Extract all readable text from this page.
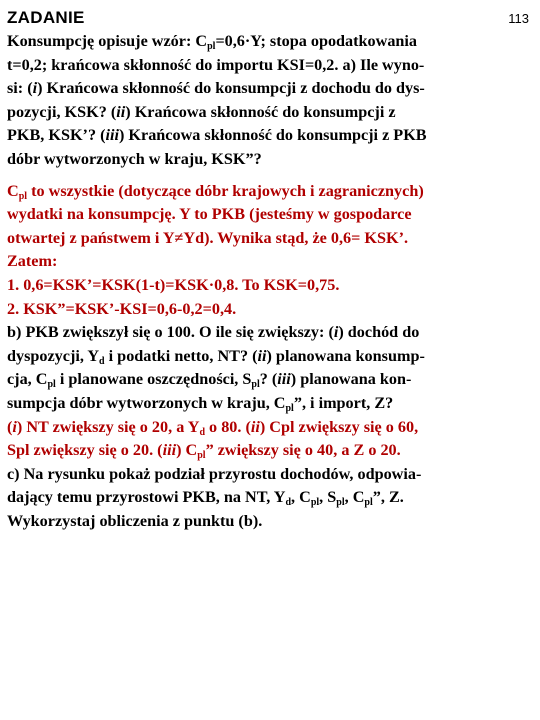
ZADANIE	113
Konsumpcję opisuje wzór: $C_{pl}=0,6\cdot Y$; stopa opodatkowania
t=0,2; krańcowa skłonność do importu KSI=0,2. a) Ile wyno-
si: (i) Krańcowa skłonność do konsumpcji z dochodu do dys-
pozycji, KSK? (ii) Krańcowa skłonność do konsumpcji z
PKB, KSK’? (iii) Krańcowa skłonność do konsumpcji z PKB
dóbr wytworzonych w kraju, KSK”?
$C_{pl}$ to wszystkie (dotyczące dóbr krajowych i zagranicznych)
wydatki na konsumpcję. Y to PKB (jesteśmy w gospodarce
otwartej z państwem i Y≠Yd). Wynika stąd, że 0,6= KSK’.
Zatem:
1. 0,6=KSK’=KSK(1-t)=KSK·0,8. To KSK=0,75.
2. KSK”=KSK’-KSI=0,6-0,2=0,4.
b) PKB zwiększył się o 100. O ile się zwiększy: (i) dochód do
dyspozycji, $Y_d$ i podatki netto, NT? (ii) planowana konsump-
cja, $C_{pl}$ i planowane oszczędności, $S_{pl}$? (iii) planowana kon-
sumpcja dóbr wytworzonych w kraju, $C_{pl}$”, i import, Z?
(i) NT zwiększy się o 20, a $Y_d$ o 80. (ii) Cpl zwiększy się o 60,
Spl zwiększy się o 20. (iii) $C_{pl}$” zwiększy się o 40, a Z o 20.
c) Na rysunku pokaż podział przyrostu dochodów, odpowia-
dający temu przyrostowi PKB, na NT, $Y_d$, $C_{pl}$, $S_{pl}$, $C_{pl}$”, Z.
Wykorzystaj obliczenia z punktu (b).
